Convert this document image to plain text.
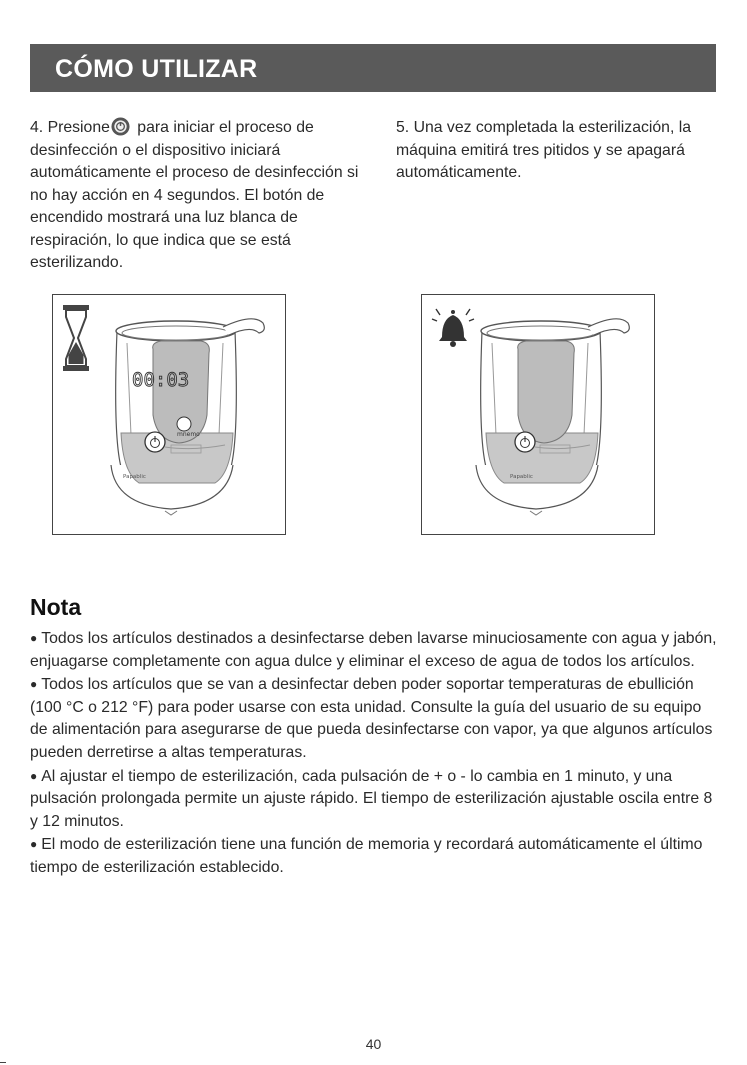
CÓMO UTILIZAR
4. Presione para iniciar el proceso de desinfección o el dispositivo iniciará automáticamente el proceso de desinfección si no hay acción en 4 segundos. El botón de encendido mostrará una luz blanca de respiración, lo que indica que se está esterilizando.
5. Una vez completada la esterilización, la máquina emitirá tres pitidos y se apagará automáticamente.
00:03
mnemo
Papablic	Papablic
Nota

● Todos los artículos destinados a desinfectarse deben lavarse minuciosamente con agua y jabón, enjuagarse completamente con agua dulce y eliminar el exceso de agua de todos los artículos.

● Todos los artículos que se van a desinfectar deben poder soportar temperaturas de ebullición (100 °C o 212 °F) para poder usarse con esta unidad. Consulte la guía del usuario de su equipo de alimentación para asegurarse de que pueda desinfectarse con vapor, ya que algunos artículos pueden derretirse a altas temperaturas.

● Al ajustar el tiempo de esterilización, cada pulsación de + o - lo cambia en 1 minuto, y una pulsación prolongada permite un ajuste rápido. El tiempo de esterilización ajustable oscila entre 8 y 12 minutos.

● El modo de esterilización tiene una función de memoria y recordará automáticamente el último tiempo de esterilización establecido.

40
